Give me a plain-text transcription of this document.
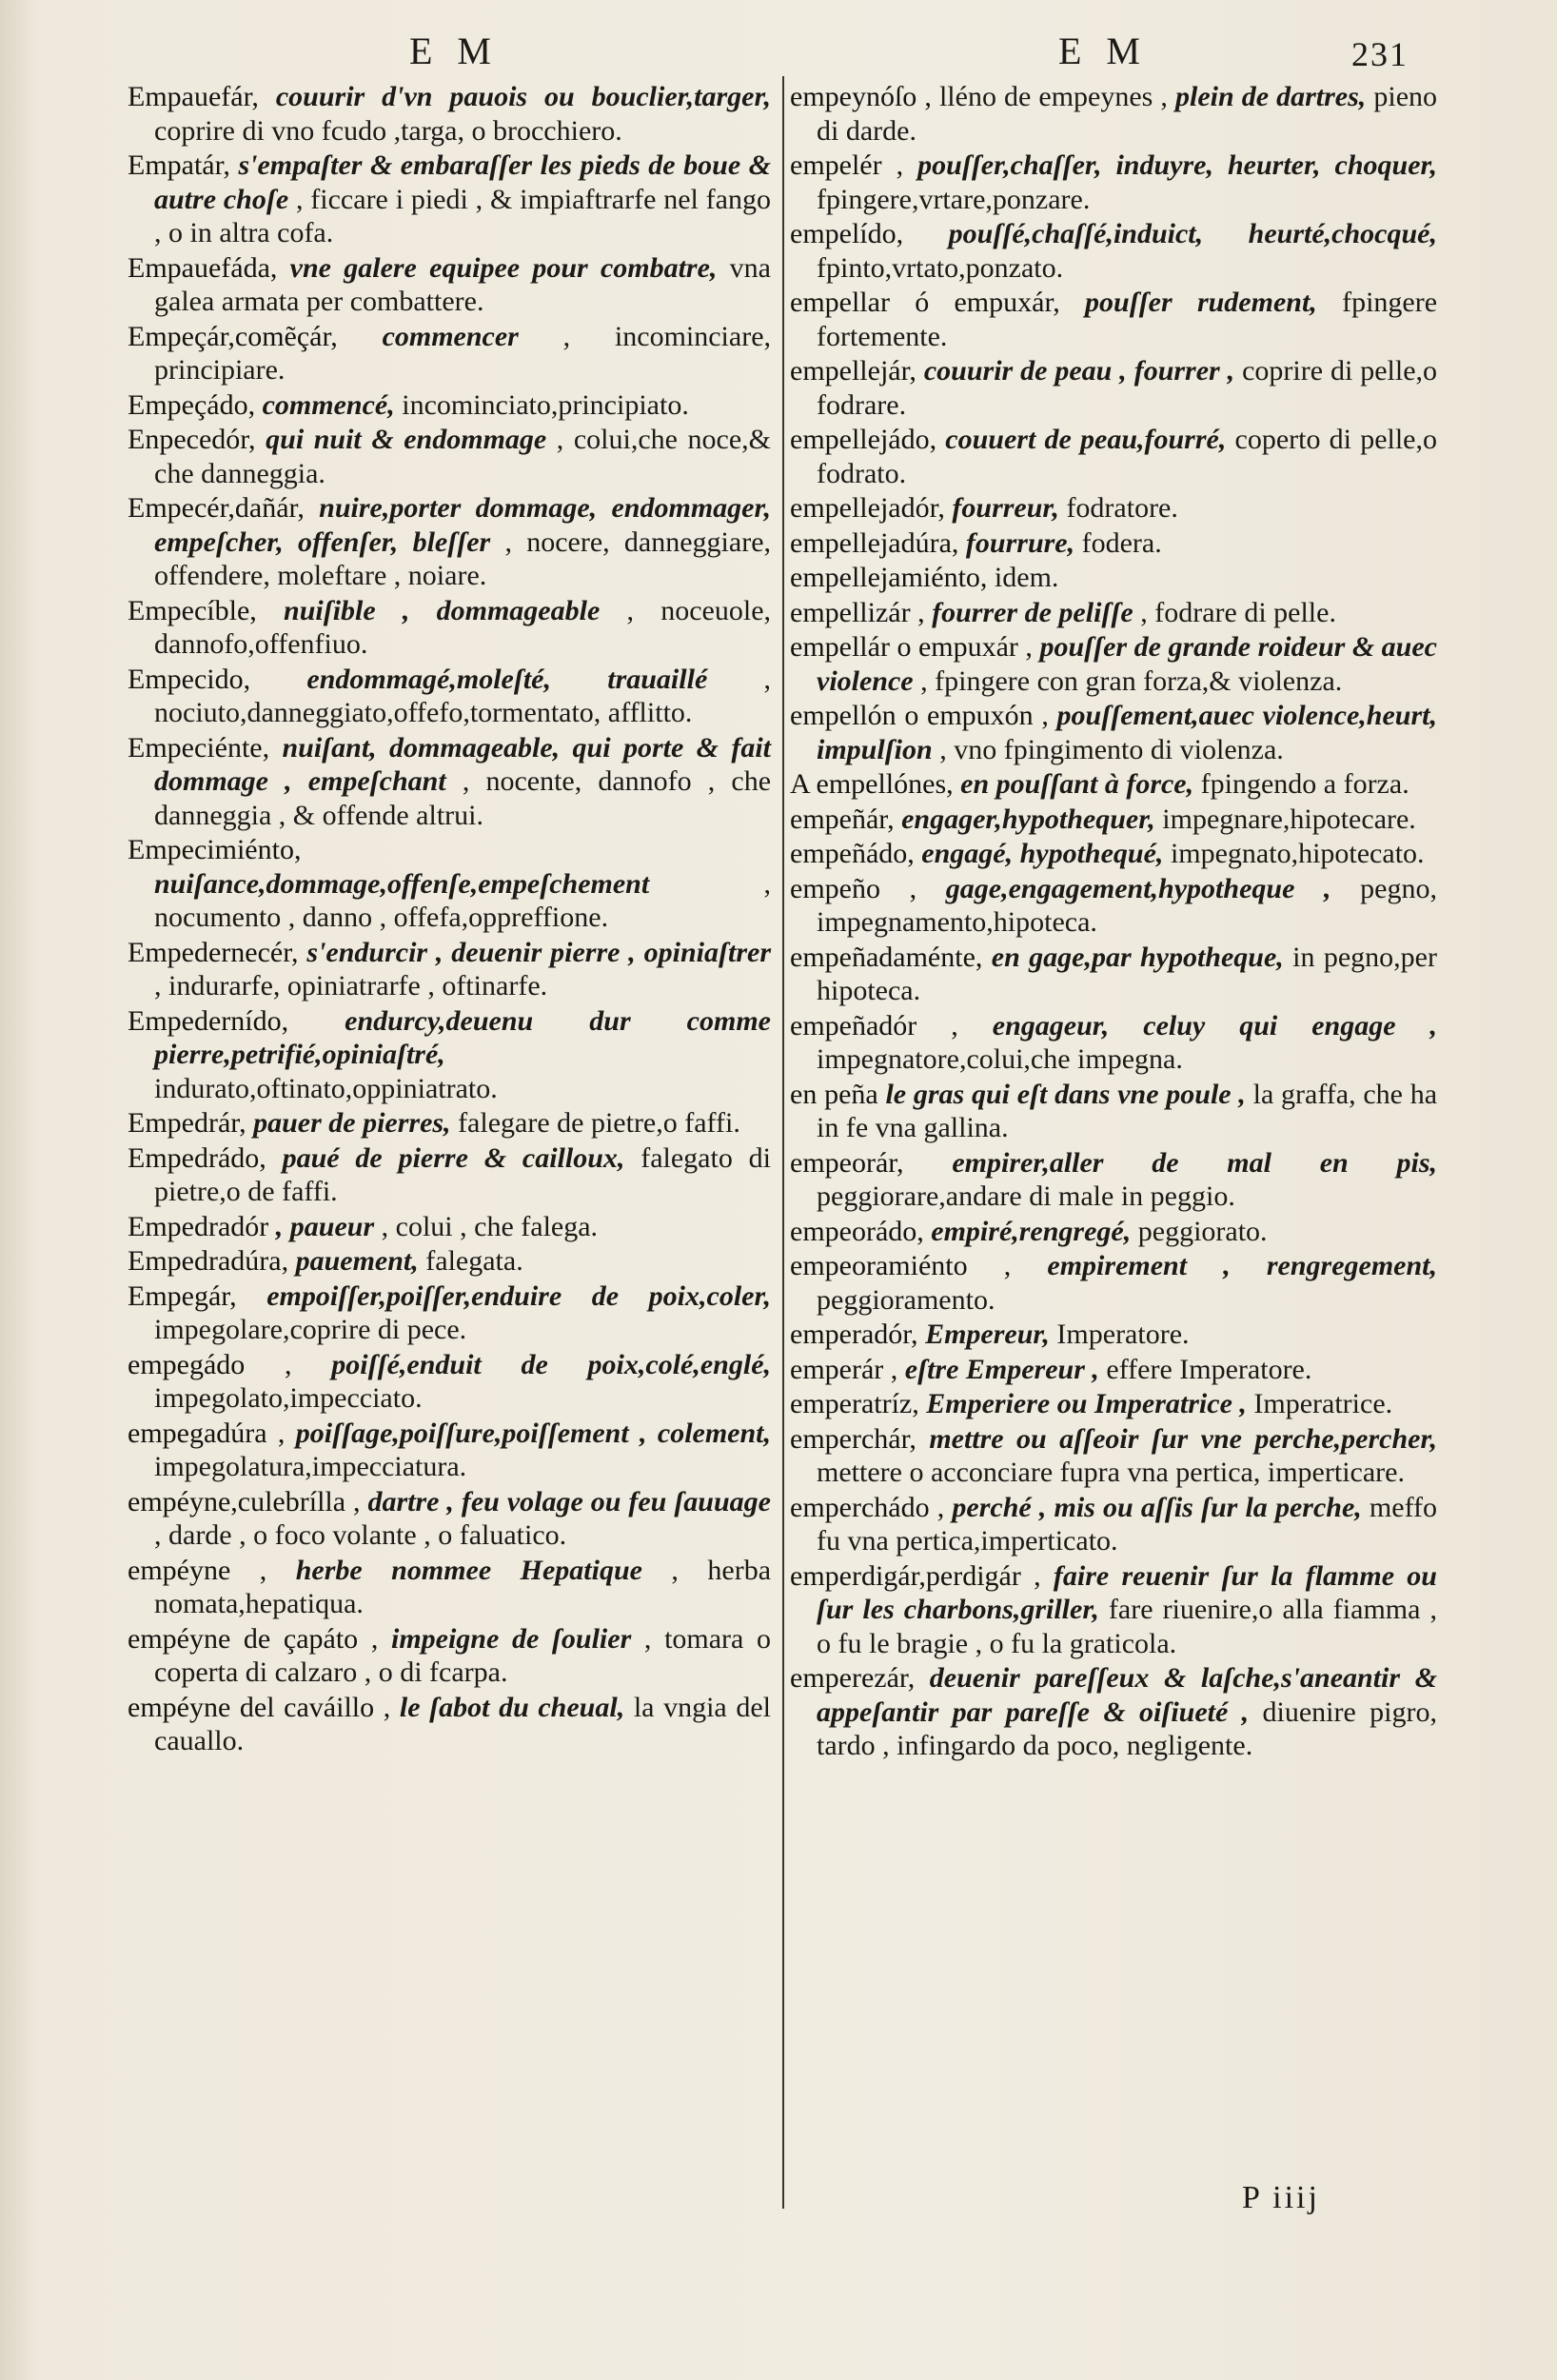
E M	E M	231

Empauefár, couurir d'vn pauois ou bouclier,targer, coprire di vno fcudo ,targa, o brocchiero.

Empatár, s'empaſter & embaraſſer les pieds de boue & autre choſe , ficcare i piedi , & impiaftrarfe nel fango , o in altra cofa.

Empauefáda, vne galere equipee pour combatre, vna galea armata per combattere.

Empeçár,comẽçár, commencer , incominciare, principiare.

Empeçádo, commencé, incominciato,principiato.

Enpecedór, qui nuit & endommage , colui,che noce,& che danneggia.

Empecér,dañár, nuire,porter dommage, endommager, empeſcher, offenſer, bleſſer , nocere, danneggiare, offendere, moleftare , noiare.

Empecíble, nuiſible , dommageable , noceuole, dannofo,offenfiuo.

Empecido, endommagé,moleſté, trauaillé , nociuto,danneggiato,offefo,tormentato, afflitto.

Empeciénte, nuiſant, dommageable, qui porte & fait dommage , empeſchant , nocente, dannofo , che danneggia , & offende altrui.

Empecimiénto, nuiſance,dommage,offenſe,empeſchement	, nocumento , danno , offefa,oppreffione.

Empedernecér, s'endurcir , deuenir pierre , opiniaſtrer , indurarfe, opiniatrarfe , oftinarfe.

Empedernído, endurcy,deuenu dur comme pierre,petrifié,opiniaſtré, indurato,oftinato,oppiniatrato.

Empedrár, pauer de pierres, falegare de pietre,o faffi.

Empedrádo, paué de pierre & cailloux, falegato di pietre,o de faffi.

Empedradór , paueur , colui , che falega.

Empedradúra, pauement, falegata.

Empegár, empoiſſer,poiſſer,enduire de poix,coler, impegolare,coprire di pece.

empegádo , poiſſé,enduit de poix,colé,englé, impegolato,impecciato.

empegadúra , poiſſage,poiſſure,poiſſement , colement, impegolatura,impecciatura.

empéyne,culebrílla , dartre , feu volage ou feu ſauuage , darde , o foco volante , o faluatico.

empéyne , herbe nommee Hepatique , herba nomata,hepatiqua.

empéyne de çapáto , impeigne de ſoulier , tomara o coperta di calzaro , o di fcarpa.

empéyne del caváillo , le ſabot du cheual, la vngia del cauallo.

empeynóſo , lléno de empeynes , plein de dartres, pieno di darde.

empelér , pouſſer,chaſſer, induyre, heurter, choquer, fpingere,vrtare,ponzare.

empelído, pouſſé,chaſſé,induict, heurté,chocqué, fpinto,vrtato,ponzato.

empellar ó empuxár, pouſſer rudement, fpingere fortemente.

empellejár, couurir de peau , fourrer , coprire di pelle,o fodrare.

empellejádo, couuert de peau,fourré, coperto di pelle,o fodrato.

empellejadór, fourreur, fodratore.

empellejadúra, fourrure, fodera.

empellejamiénto, idem.

empellizár , fourrer de peliſſe , fodrare di pelle.

empellár o empuxár , pouſſer de grande roideur & auec violence , fpingere con gran forza,& violenza.

empellón o empuxón , pouſſement,auec violence,heurt, impulſion , vno fpingimento di violenza.

A empellónes, en pouſſant à force, fpingendo a forza.

empeñár, engager,hypothequer, impegnare,hipotecare.

empeñádo, engagé, hypothequé, impegnato,hipotecato.

empeño , gage,engagement,hypotheque , pegno, impegnamento,hipoteca.

empeñadaménte, en gage,par hypotheque, in pegno,per hipoteca.

empeñadór , engageur, celuy qui engage , impegnatore,colui,che impegna.

en peña le gras qui eſt dans vne poule , la graffa, che ha in fe vna gallina.

empeorár, empirer,aller de mal en pis, peggiorare,andare di male in peggio.

empeorádo, empiré,rengregé, peggiorato.

empeoramiénto , empirement , rengregement, peggioramento.

emperadór, Empereur, Imperatore.

emperár , eſtre Empereur , effere Imperatore.

emperatríz, Emperiere ou Imperatrice , Imperatrice.

emperchár, mettre ou aſſeoir ſur vne perche,percher, mettere o acconciare fupra vna pertica, imperticare.

emperchádo , perché , mis ou aſſis ſur la perche, meffo fu vna pertica,imperticato.

emperdigár,perdigár , faire reuenir ſur la flamme ou ſur les charbons,griller, fare riuenire,o alla fiamma , o fu le bragie , o fu la graticola.

emperezár, deuenir pareſſeux & laſche,s'aneantir & appeſantir par pareſſe & oiſiueté , diuenire pigro, tardo , infingardo da poco, negligente.

P iiij
